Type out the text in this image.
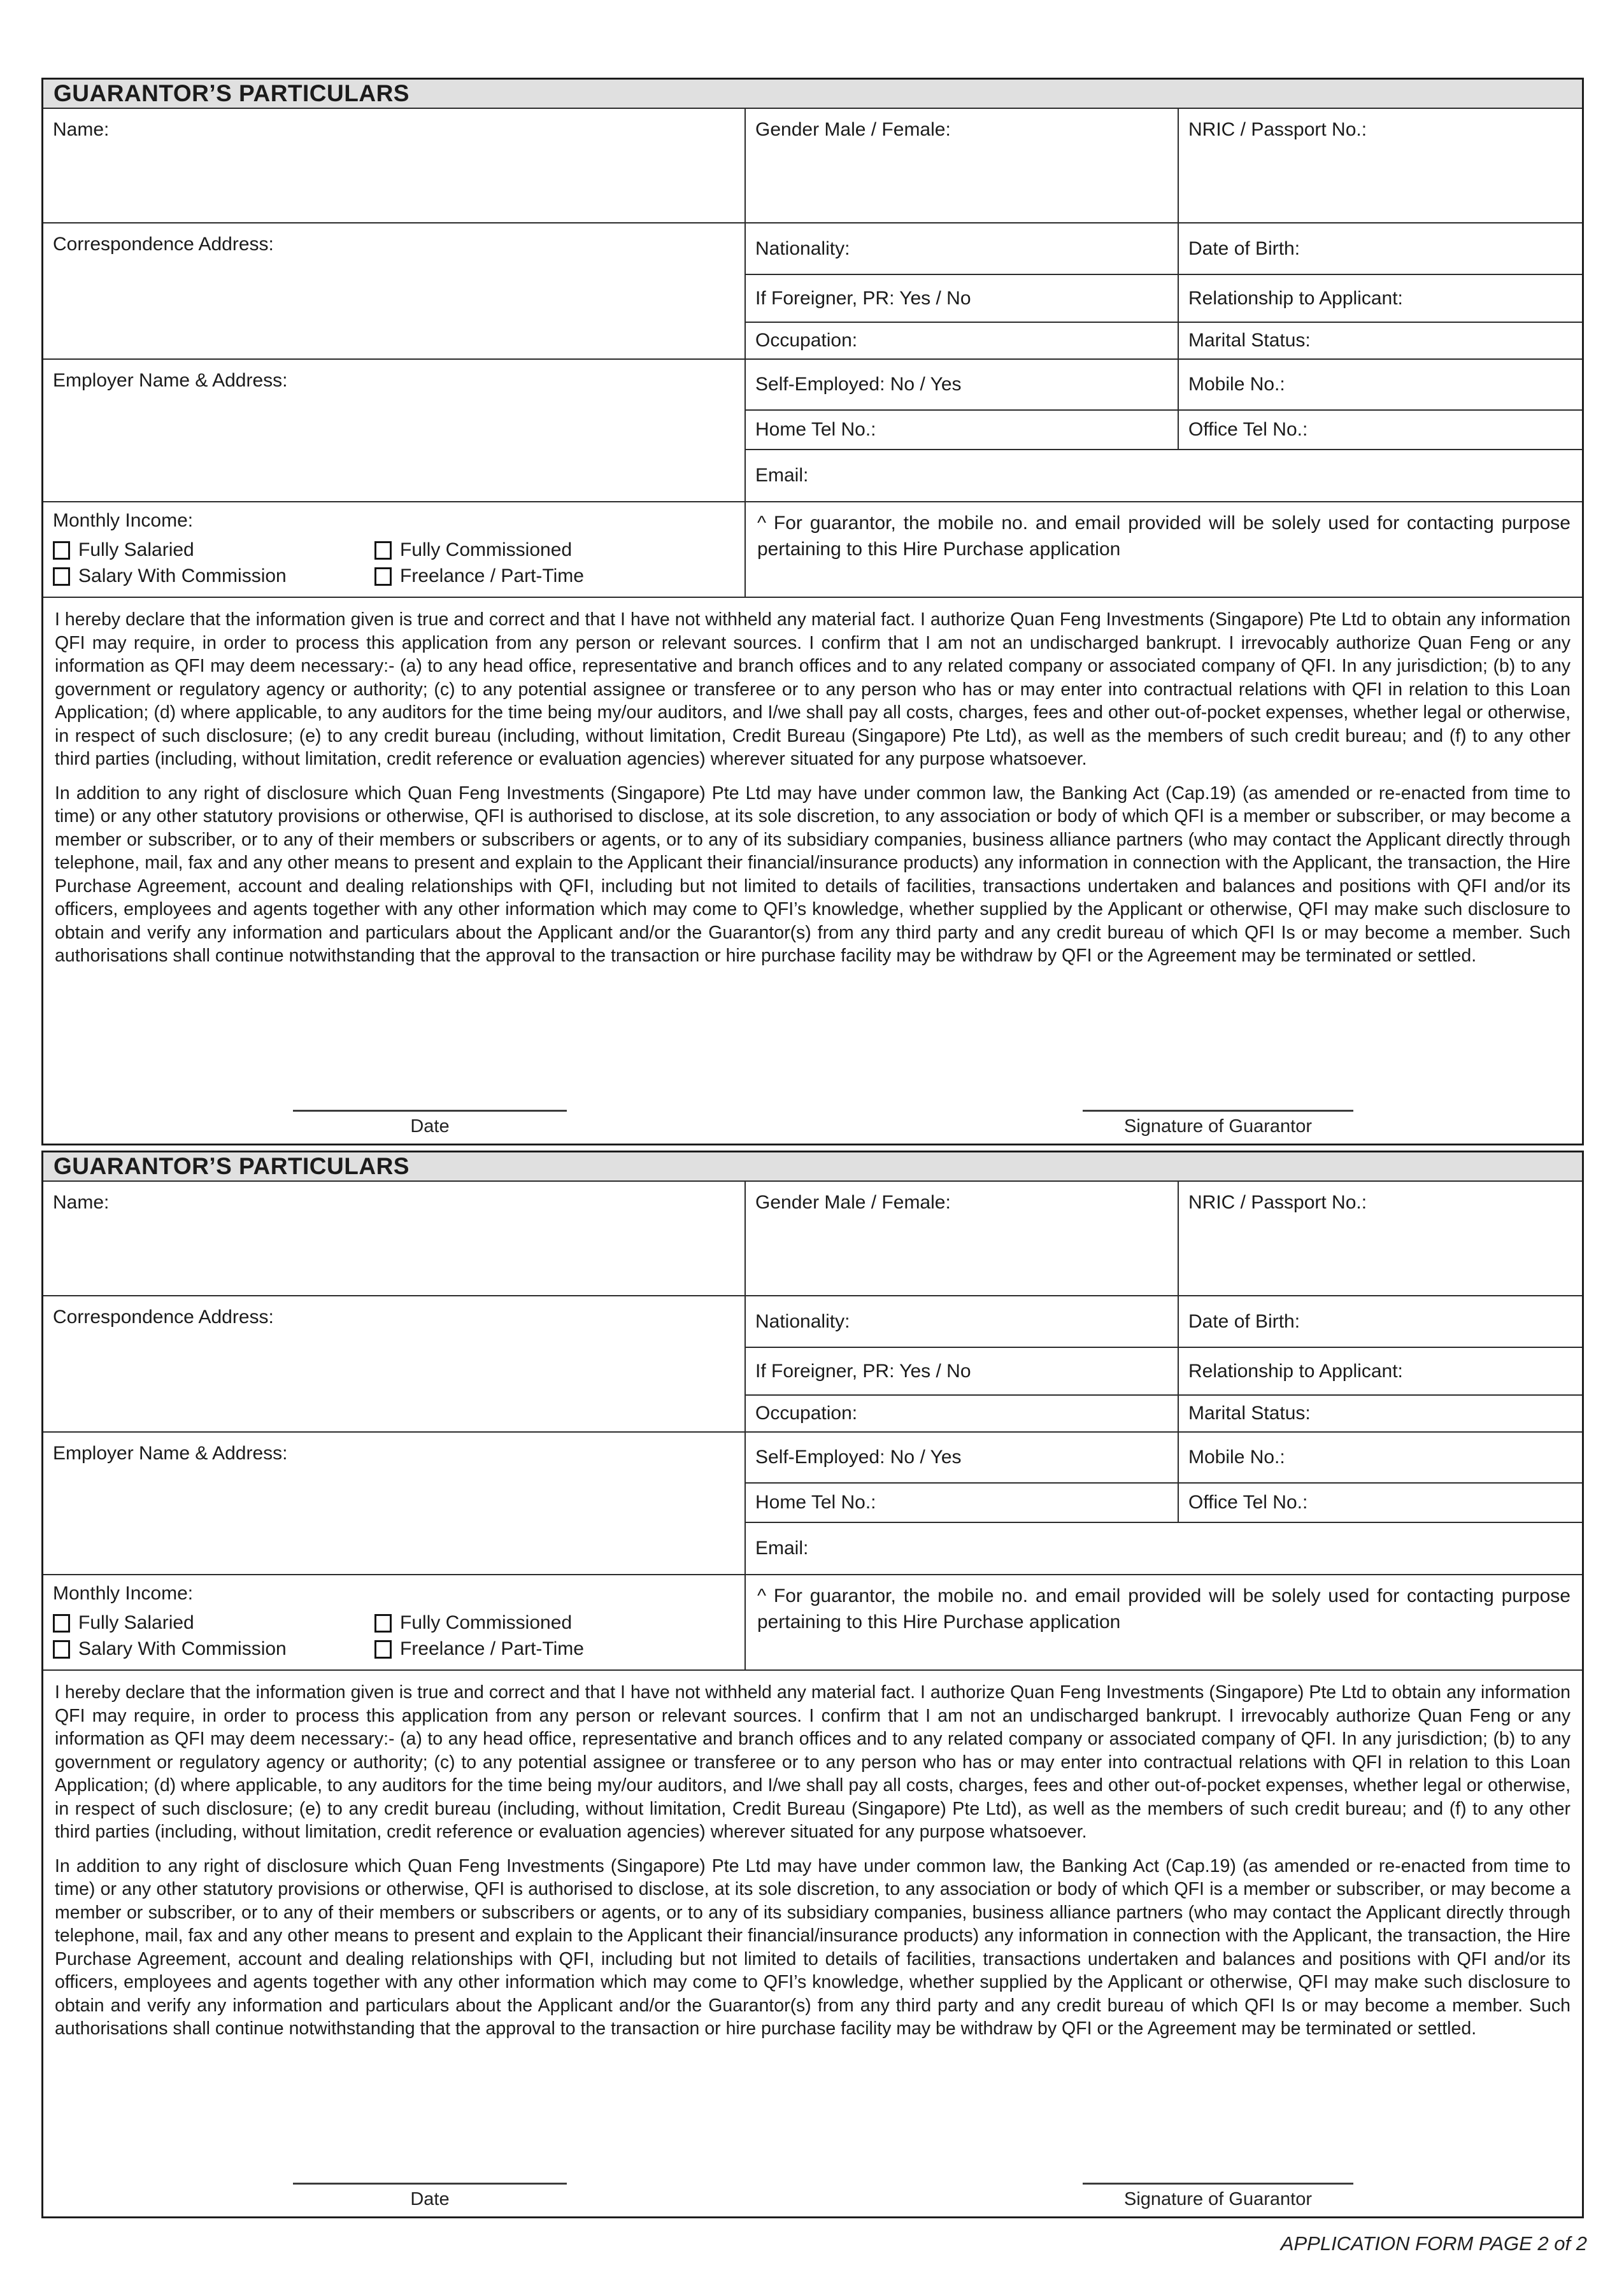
GUARANTOR’S PARTICULARS
Name:	Gender Male / Female:	NRIC / Passport No.:
Correspondence Address:	Nationality:	Date of Birth:
If Foreigner, PR: Yes / No	Relationship to Applicant:
Occupation:	Marital Status:
Employer Name & Address:	Self-Employed: No / Yes	Mobile No.:
Home Tel No.:	Office Tel No.:
Email:
Monthly Income:
Fully Salaried	Fully Commissioned
Salary With Commission	Freelance / Part-Time
^ For guarantor, the mobile no. and email provided will be solely used for contacting purpose pertaining to this Hire Purchase application

I hereby declare that the information given is true and correct and that I have not withheld any material fact. I authorize Quan Feng Investments (Singapore) Pte Ltd to obtain any information QFI may require, in order to process this application from any person or relevant sources. I confirm that I am not an undischarged bankrupt. I irrevocably authorize Quan Feng or any information as QFI may deem necessary:- (a) to any head office, representative and branch offices and to any related company or associated company of QFI. In any jurisdiction; (b) to any government or regulatory agency or authority; (c) to any potential assignee or transferee or to any person who has or may enter into contractual relations with QFI in relation to this Loan Application; (d) where applicable, to any auditors for the time being my/our auditors, and I/we shall pay all costs, charges, fees and other out-of-pocket expenses, whether legal or otherwise, in respect of such disclosure; (e) to any credit bureau (including, without limitation, Credit Bureau (Singapore) Pte Ltd), as well as the members of such credit bureau; and (f) to any other third parties (including, without limitation, credit reference or evaluation agencies) wherever situated for any purpose whatsoever.

In addition to any right of disclosure which Quan Feng Investments (Singapore) Pte Ltd may have under common law, the Banking Act (Cap.19) (as amended or re-enacted from time to time) or any other statutory provisions or otherwise, QFI is authorised to disclose, at its sole discretion, to any association or body of which QFI is a member or subscriber, or may become a member or subscriber, or to any of their members or subscribers or agents, or to any of its subsidiary companies, business alliance partners (who may contact the Applicant directly through telephone, mail, fax and any other means to present and explain to the Applicant their financial/insurance products) any information in connection with the Applicant, the transaction, the Hire Purchase Agreement, account and dealing relationships with QFI, including but not limited to details of facilities, transactions undertaken and balances and positions with QFI and/or its officers, employees and agents together with any other information which may come to QFI’s knowledge, whether supplied by the Applicant or otherwise, QFI may make such disclosure to obtain and verify any information and particulars about the Applicant and/or the Guarantor(s) from any third party and any credit bureau of which QFI Is or may become a member. Such authorisations shall continue notwithstanding that the approval to the transaction or hire purchase facility may be withdraw by QFI or the Agreement may be terminated or settled.

Date	Signature of Guarantor
GUARANTOR’S PARTICULARS
Name:	Gender Male / Female:	NRIC / Passport No.:
Correspondence Address:	Nationality:	Date of Birth:
If Foreigner, PR: Yes / No	Relationship to Applicant:
Occupation:	Marital Status:
Employer Name & Address:	Self-Employed: No / Yes	Mobile No.:
Home Tel No.:	Office Tel No.:
Email:
Monthly Income:
Fully Salaried	Fully Commissioned
Salary With Commission	Freelance / Part-Time
^ For guarantor, the mobile no. and email provided will be solely used for contacting purpose pertaining to this Hire Purchase application

I hereby declare that the information given is true and correct and that I have not withheld any material fact. I authorize Quan Feng Investments (Singapore) Pte Ltd to obtain any information QFI may require, in order to process this application from any person or relevant sources. I confirm that I am not an undischarged bankrupt. I irrevocably authorize Quan Feng or any information as QFI may deem necessary:- (a) to any head office, representative and branch offices and to any related company or associated company of QFI. In any jurisdiction; (b) to any government or regulatory agency or authority; (c) to any potential assignee or transferee or to any person who has or may enter into contractual relations with QFI in relation to this Loan Application; (d) where applicable, to any auditors for the time being my/our auditors, and I/we shall pay all costs, charges, fees and other out-of-pocket expenses, whether legal or otherwise, in respect of such disclosure; (e) to any credit bureau (including, without limitation, Credit Bureau (Singapore) Pte Ltd), as well as the members of such credit bureau; and (f) to any other third parties (including, without limitation, credit reference or evaluation agencies) wherever situated for any purpose whatsoever.

In addition to any right of disclosure which Quan Feng Investments (Singapore) Pte Ltd may have under common law, the Banking Act (Cap.19) (as amended or re-enacted from time to time) or any other statutory provisions or otherwise, QFI is authorised to disclose, at its sole discretion, to any association or body of which QFI is a member or subscriber, or may become a member or subscriber, or to any of their members or subscribers or agents, or to any of its subsidiary companies, business alliance partners (who may contact the Applicant directly through telephone, mail, fax and any other means to present and explain to the Applicant their financial/insurance products) any information in connection with the Applicant, the transaction, the Hire Purchase Agreement, account and dealing relationships with QFI, including but not limited to details of facilities, transactions undertaken and balances and positions with QFI and/or its officers, employees and agents together with any other information which may come to QFI’s knowledge, whether supplied by the Applicant or otherwise, QFI may make such disclosure to obtain and verify any information and particulars about the Applicant and/or the Guarantor(s) from any third party and any credit bureau of which QFI Is or may become a member. Such authorisations shall continue notwithstanding that the approval to the transaction or hire purchase facility may be withdraw by QFI or the Agreement may be terminated or settled.

Date	Signature of Guarantor
APPLICATION FORM PAGE 2 of 2
